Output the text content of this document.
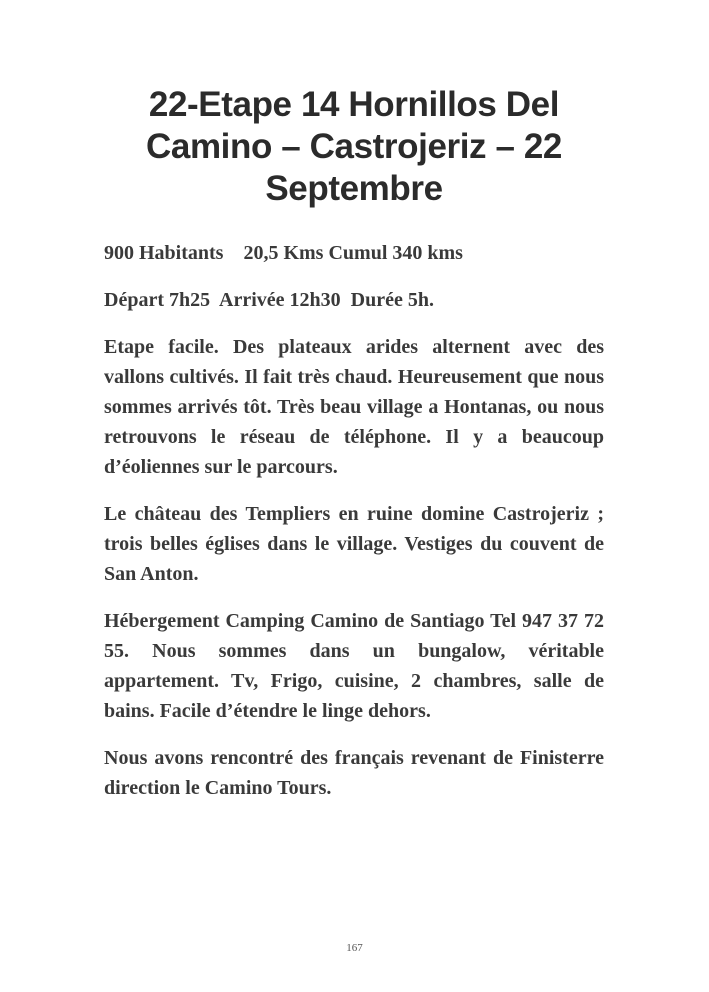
22-Etape 14 Hornillos Del Camino – Castrojeriz – 22 Septembre

900 Habitants    20,5 Kms Cumul 340 kms

Départ 7h25  Arrivée 12h30  Durée 5h.

Etape facile. Des plateaux arides alternent avec des vallons cultivés. Il fait très chaud. Heureusement que nous sommes arrivés tôt. Très beau village a Hontanas, ou nous retrouvons le réseau de téléphone. Il y a beaucoup d’éoliennes sur le parcours.

Le château des Templiers en ruine domine Castrojeriz ; trois belles églises dans le village. Vestiges du couvent de San Anton.

Hébergement Camping Camino de Santiago Tel 947 37 72 55. Nous sommes dans un bungalow, véritable appartement. Tv, Frigo, cuisine, 2 chambres, salle de bains. Facile d’étendre le linge dehors.

Nous avons rencontré des français revenant de Finisterre direction le Camino Tours.

167
